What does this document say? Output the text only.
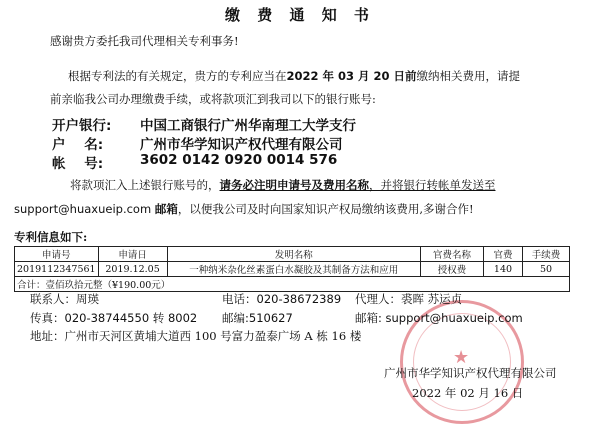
缴 费 通 知 书
感谢贵方委托我司代理相关专利事务!
根据专利法的有关规定，贵方的专利应当在2022 年 03 月 20 日前缴纳相关费用，请提
前亲临我公司办理缴费手续，或将款项汇到我司以下的银行账号:
开户银行: 中国工商银行广州华南理工大学支行
户    名:	广州市华学知识产权代理有限公司
帐    号:	3602 0142 0920 0014 576
将款项汇入上述银行账号的，请务必注明申请号及费用名称，并将银行转帐单发送至
support@huaxueip.com 邮箱，以便我公司及时向国家知识产权局缴纳该费用,多谢合作!
专利信息如下:
申请号	申请日	发明名称	官费名称	官费	手续费
2019112347561	2019.12.05	一种纳米杂化丝素蛋白水凝胶及其制备方法和应用	授权费	140	50
合计：壹佰玖拾元整（¥190.00元）					
★
联系人：周瑛	电话：020-38672389 代理人：裘晖 苏运贞
传真：020-38744550 转 8002 邮编:510627	邮箱: support@huaxueip.com
地址：广州市天河区黄埔大道西 100 号富力盈泰广场 A 栋 16 楼
广州市华学知识产权代理有限公司
2022 年 02 月 16 日
